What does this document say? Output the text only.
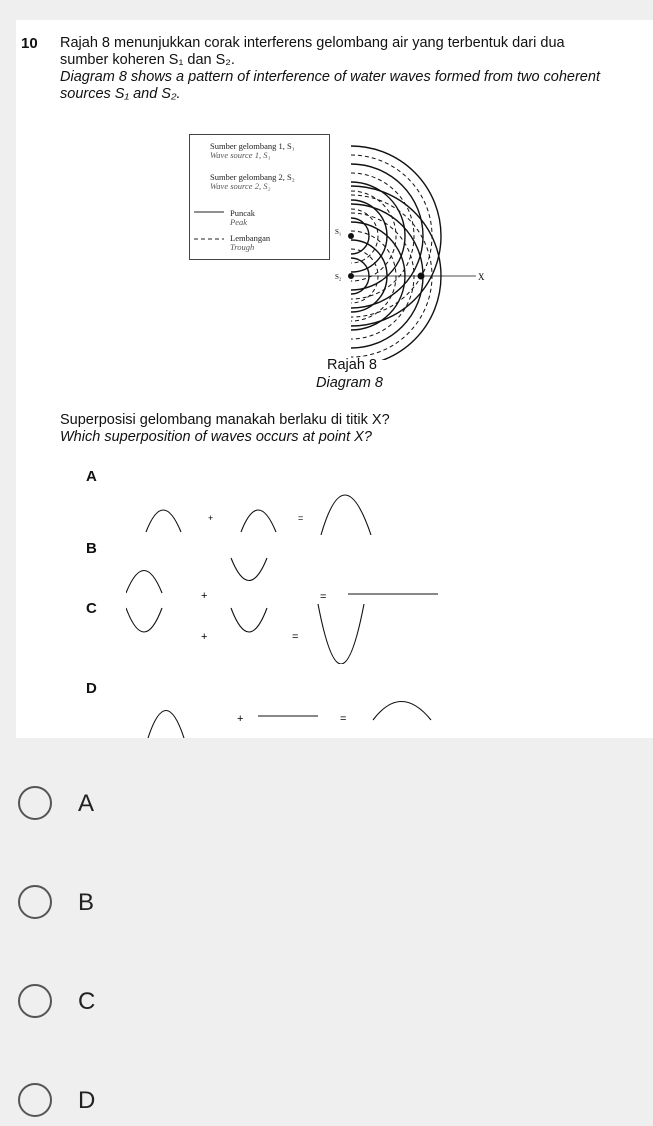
10 Rajah 8 menunjukkan corak interferens gelombang air yang terbentuk dari dua
sumber koheren S₁ dan S₂.
Diagram 8 shows a pattern of interference of water waves formed from two coherent
sources S₁ and S₂.
Sumber gelombang 1, S₁
Wave source 1, S₁
Sumber gelombang 2, S₂
Wave source 2, S₂
Puncak
Peak
Lembangan
Trough
S₁
S₂	X
Rajah 8
Diagram 8
Superposisi gelombang manakah berlaku di titik X?
Which superposition of waves occurs at point X?
A
+	=
B
+	=
C
+	=
D
+	=
A
B
C
D
